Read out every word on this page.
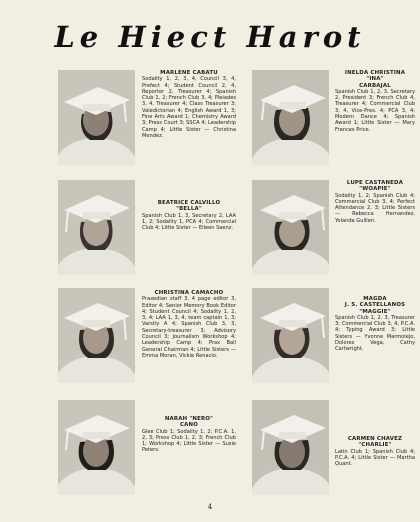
Le Hiect Harot
MARLENE CABATU
Sodality 1, 2, 3, 4, Council 3, 4, Prefect 4; Student Council 2, 4, Reporter 2, Treasurer 4; Spanish Club 1, 2; French Club 3, 4; Pleiades 3, 4, Treasurer 4; Class Treasurer 3; Valedictorian 4; English Award 1, 3; Fine Arts Award 1; Chemistry Award 3; Press Court 3; SSCA 4; Leadership Camp 4; Little Sister — Christina Mendez.
INELDA CHRISTINA
"INA"
CARBAJAL
Spanish Club 1, 2, 3, Secretary 2, President 3; French Club 4, Treasurer 4; Commercial Club 3, 4, Vice-Pres. 4; PCA 3, 4; Modern Dance 4; Spanish Award 1; Little Sister — Mary Frances Price.
BEATRICE CALVILLO
"BELLA"
Spanish Club 1, 3, Secretary 2, LAA 1, 2; Sodality 1, PCA 4; Commercial Club 4; Little Sister — Eileen Saenz.
LUPE CASTANEDA
"WOAPIE"
Sodality 1, 2; Spanish Club 4; Commercial Club 3, 4; Perfect Attendance 2, 3; Little Sisters — Rebecca Hernandez, Yolanda Guillen.
CHRISTINA CAMACHO
Praxedian staff 3, 4 page editor 3, Editor 4; Senior Memory Book Editor 4; Student Council 4; Sodality 1, 2, 3, 4; LAA 1, 3, 4, team captain 1, 3; Varsity A 4; Spanish Club 3, 3, Secretary-treasurer 3; Advisory Council 3; Journalism Workshop 4; Leadership Camp 4; Prax Ball General Chairman 4; Little Sisters — Emma Moran, Vickie Renacio.
MAGDA
J. S. CASTELLANOS
"MAGGIE"
Spanish Club 1, 2, 3, Treasurer 3; Commercial Club 3, 4, P.C.A. 4; Typing Award 3; Little Sisters — Yvonne Marmolejo, Dolores Vega, Cathy Cartwright.
NARAH "NERO"
CANO
Glee Club 1; Sodality 1, 2; P.C.A. 1, 2, 3; Press Club 1, 2, 3; French Club 1; Workshop 4; Little Sister — Susie Peters.
CARMEN CHAVEZ
"CHARLIE"
Latin Club 1; Spanish Club 4; P.C.A. 4; Little Sister — Martha Quant.
4
